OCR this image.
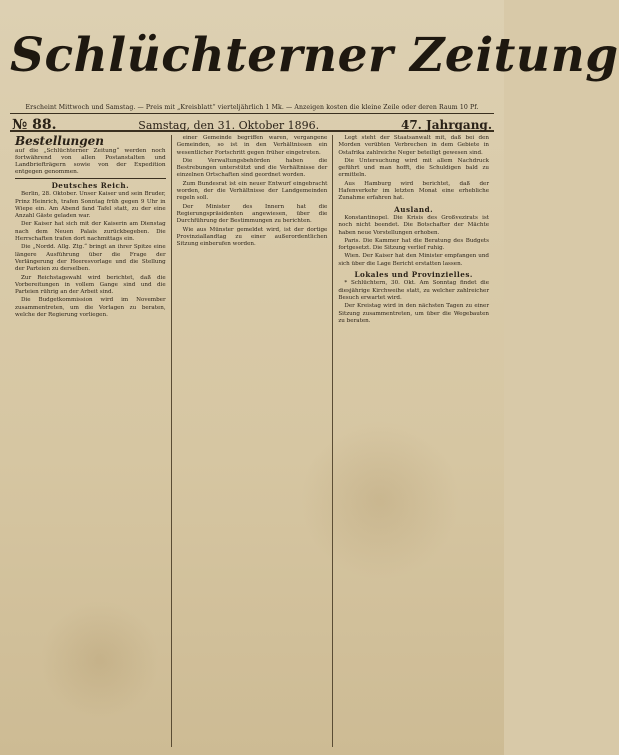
Schlüchterner Zeitung
Erscheint Mittwoch und Samstag. — Preis mit „Kreisblatt“ vierteljährlich 1 Mk. — Anzeigen kosten die kleine Zeile oder deren Raum 10 Pf.
№ 88.	Samstag, den 31. Oktober 1896.	47. Jahrgang.
Bestellungen
auf die „Schlüchterner Zeitung“ werden noch fortwährend von allen Postanstalten und Landbriefträgern sowie von der Expedition entgegen genommen.
Deutsches Reich.

Berlin, 28. Oktober. Unser Kaiser und sein Bruder, Prinz Heinrich, trafen Sonntag früh gegen 9 Uhr in Wiepe ein. Am Abend fand Tafel statt, zu der eine Anzahl Gäste geladen war.

Der Kaiser hat sich mit der Kaiserin am Dienstag nach dem Neuen Palais zurückbegeben. Die Herrschaften trafen dort nachmittags ein.

Die „Nordd. Allg. Ztg.“ bringt an ihrer Spitze eine längere Ausführung über die Frage der Verlängerung der Heeresvorlage und die Stellung der Parteien zu derselben.

Zur Reichstagswahl wird berichtet, daß die Vorbereitungen in vollem Gange sind und die Parteien rührig an der Arbeit sind.

Die Budgetkommission wird im November zusammentreten, um die Vorlagen zu beraten, welche der Regierung vorliegen.

einer Gemeinde begriffen waren, vergangene Gemeinden, so ist in den Verhältnissen ein wesentlicher Fortschritt gegen früher eingetreten.

Die Verwaltungsbehörden haben die Bestrebungen unterstützt und die Verhältnisse der einzelnen Ortschaften sind geordnet worden.

Zum Bundesrat ist ein neuer Entwurf eingebracht worden, der die Verhältnisse der Landgemeinden regeln soll.

Der Minister des Innern hat die Regierungspräsidenten angewiesen, über die Durchführung der Bestimmungen zu berichten.

Wie aus Münster gemeldet wird, ist der dortige Provinziallandtag zu einer außerordentlichen Sitzung einberufen worden.

Legt steht der Staatsanwalt mit, daß bei den Morden verübten Verbrechen in dem Gebiete in Ostafrika zahlreiche Neger beteiligt gewesen sind.

Die Untersuchung wird mit allem Nachdruck geführt und man hofft, die Schuldigen bald zu ermitteln.

Aus Hamburg wird berichtet, daß der Hafenverkehr im letzten Monat eine erhebliche Zunahme erfahren hat.

Ausland.

Konstantinopel. Die Krisis des Großvezirats ist noch nicht beendet. Die Botschafter der Mächte haben neue Vorstellungen erhoben.

Paris. Die Kammer hat die Beratung des Budgets fortgesetzt. Die Sitzung verlief ruhig.

Wien. Der Kaiser hat den Minister empfangen und sich über die Lage Bericht erstatten lassen.

Lokales und Provinzielles.

* Schlüchtern, 30. Okt. Am Sonntag findet die diesjährige Kirchweihe statt, zu welcher zahlreicher Besuch erwartet wird.

Der Kreistag wird in den nächsten Tagen zu einer Sitzung zusammentreten, um über die Wegebauten zu beraten.
